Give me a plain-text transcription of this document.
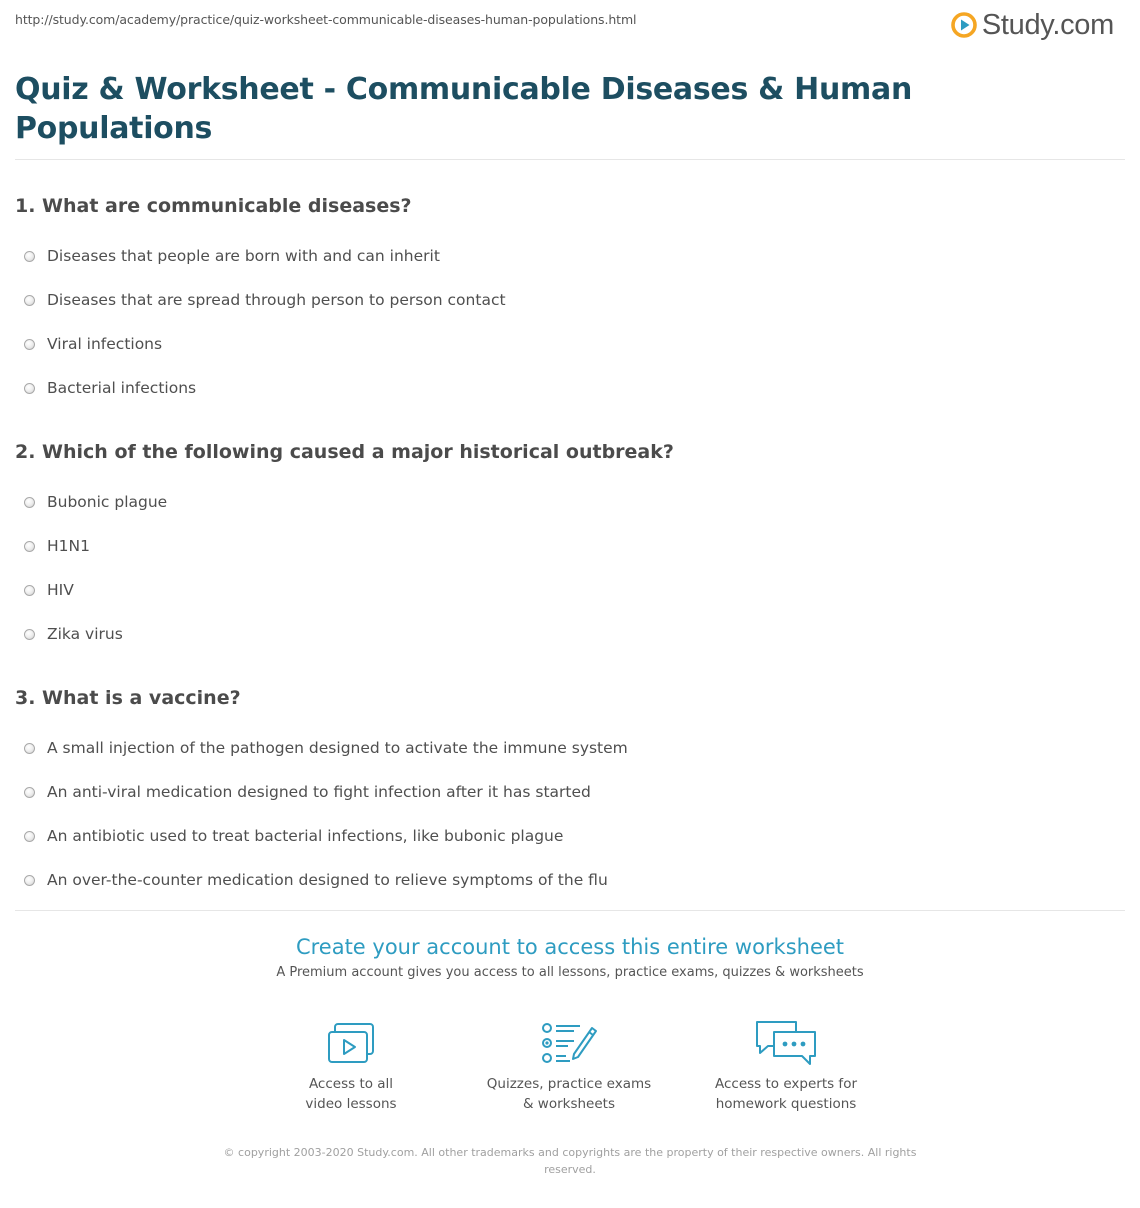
http://study.com/academy/practice/quiz-worksheet-communicable-diseases-human-populations.html	Study.com
Quiz & Worksheet - Communicable Diseases & Human Populations

1. What are communicable diseases?

Diseases that people are born with and can inherit
Diseases that are spread through person to person contact
Viral infections
Bacterial infections

2. Which of the following caused a major historical outbreak?

Bubonic plague
H1N1
HIV
Zika virus

3. What is a vaccine?

A small injection of the pathogen designed to activate the immune system
An anti-viral medication designed to fight infection after it has started
An antibiotic used to treat bacterial infections, like bubonic plague
An over-the-counter medication designed to relieve symptoms of the flu

Create your account to access this entire worksheet

A Premium account gives you access to all lessons, practice exams, quizzes & worksheets

Access to all
video lessons
Quizzes, practice exams
& worksheets
Access to experts for
homework questions

© copyright 2003-2020 Study.com. All other trademarks and copyrights are the property of their respective owners. All rights reserved.
